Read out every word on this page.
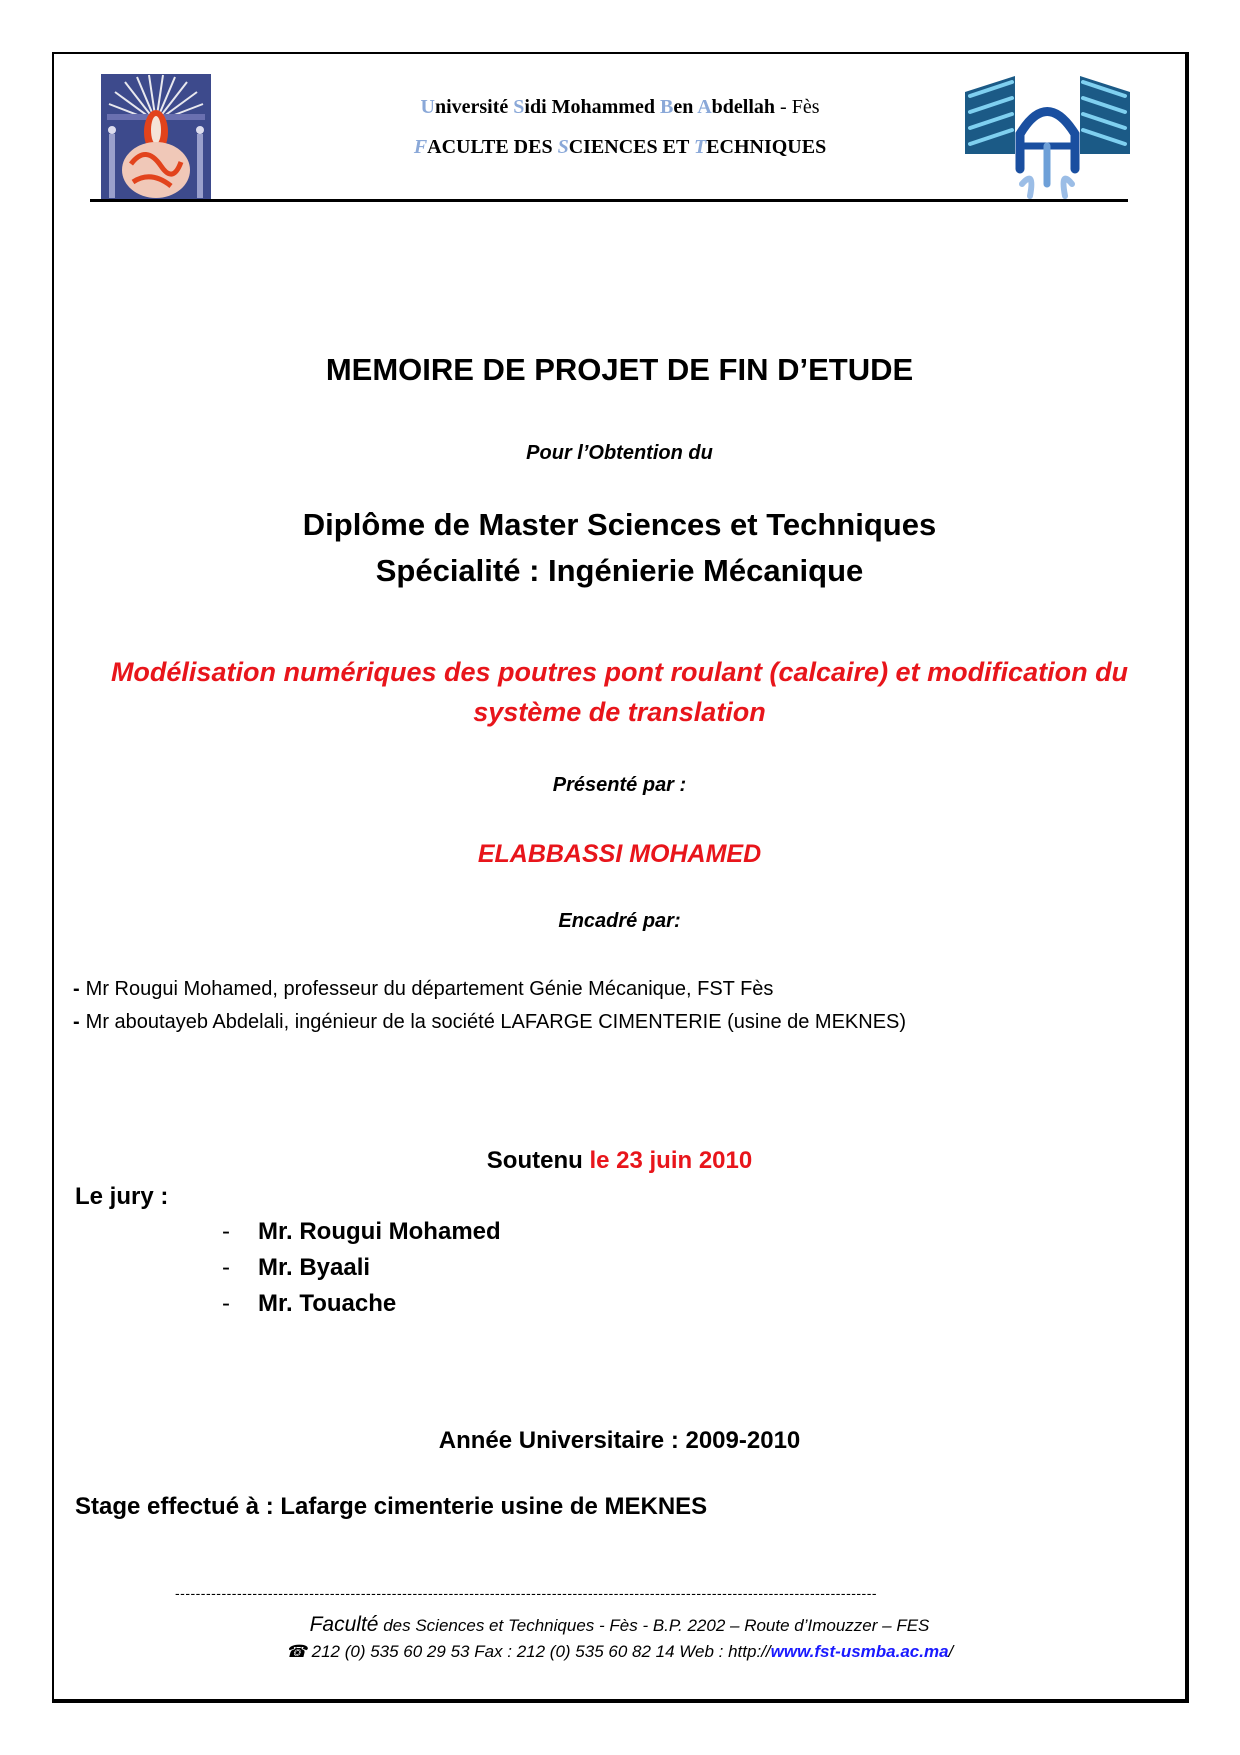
Université Sidi Mohammed Ben Abdellah - Fès
FACULTE DES SCIENCES ET TECHNIQUES
MEMOIRE DE PROJET DE FIN D’ETUDE
Pour l’Obtention du
Diplôme de Master Sciences et Techniques
Spécialité : Ingénierie Mécanique
Modélisation numériques des poutres pont roulant (calcaire) et modification du
système de translation
Présenté par :
ELABBASSI MOHAMED
Encadré par:
- Mr Rougui Mohamed, professeur du département Génie Mécanique, FST Fès
- Mr aboutayeb Abdelali, ingénieur de la société LAFARGE CIMENTERIE (usine de MEKNES)
Soutenu le 23 juin 2010
Le jury :
- Mr. Rougui Mohamed
- Mr. Byaali
- Mr. Touache
Année Universitaire : 2009-2010
Stage effectué à : Lafarge cimenterie usine de MEKNES
----------------------------------------------------------------------------------------------------------------------------------------
Faculté des Sciences et Techniques - Fès - B.P. 2202 – Route d’Imouzzer – FES
☎ 212 (0) 535 60 29 53 Fax : 212 (0) 535 60 82 14 Web : http://www.fst-usmba.ac.ma/
